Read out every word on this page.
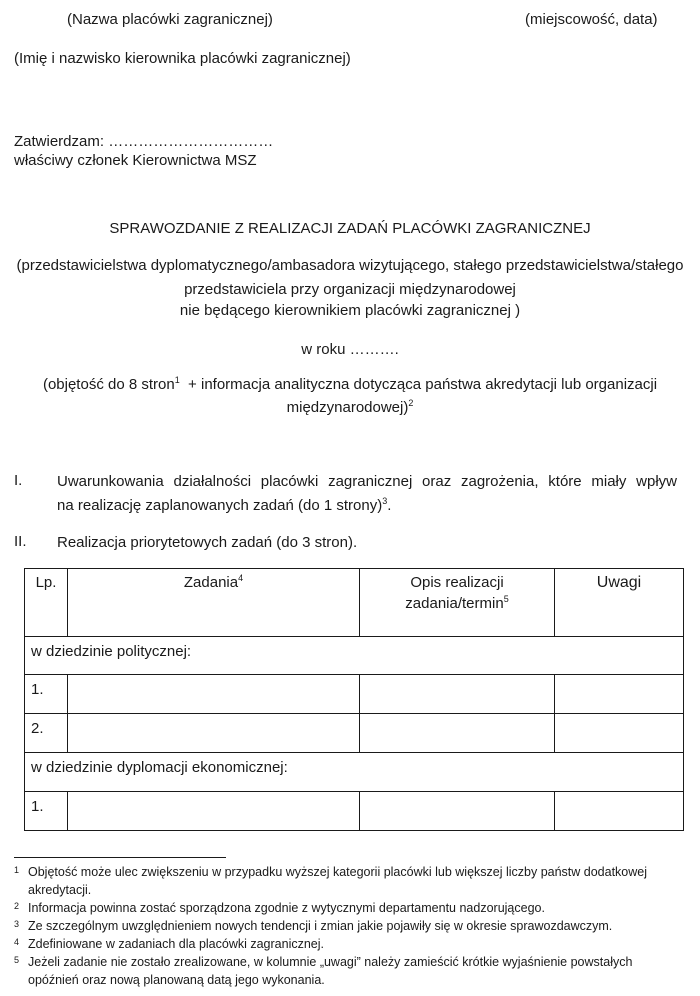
(Nazwa placówki zagranicznej)	(miejscowość, data)
(Imię i nazwisko kierownika placówki zagranicznej)
Zatwierdzam: ……………………………
właściwy członek Kierownictwa MSZ
SPRAWOZDANIE Z REALIZACJI ZADAŃ PLACÓWKI ZAGRANICZNEJ
(przedstawicielstwa dyplomatycznego/ambasadora wizytującego, stałego przedstawicielstwa/stałego
przedstawiciela przy organizacji międzynarodowej
nie będącego kierownikiem placówki zagranicznej )
w roku ……….
(objętość do 8 stron$^1$  + informacja analityczna dotycząca państwa akredytacji lub organizacji
międzynarodowej)$^2$
I. Uwarunkowania działalności placówki zagranicznej oraz zagrożenia, które miały wpływ
na realizację zaplanowanych zadań (do 1 strony)$^3$.
II. Realizacja priorytetowych zadań (do 3 stron).
Lp.	Zadania$^4$	Opis realizacji
zadania/termin$^5$	Uwagi
w dziedzinie politycznej:			
1.			
2.			
w dziedzinie dyplomacji ekonomicznej:			
1.			
1 Objętość może ulec zwiększeniu w przypadku wyższej kategorii placówki lub większej liczby państw dodatkowej
akredytacji.
2 Informacja powinna zostać sporządzona zgodnie z wytycznymi departamentu nadzorującego.
3 Ze szczególnym uwzględnieniem nowych tendencji i zmian jakie pojawiły się w okresie sprawozdawczym.
4 Zdefiniowane w zadaniach dla placówki zagranicznej.
5 Jeżeli zadanie nie zostało zrealizowane, w kolumnie „uwagi” należy zamieścić krótkie wyjaśnienie powstałych
opóźnień oraz nową planowaną datą jego wykonania.
